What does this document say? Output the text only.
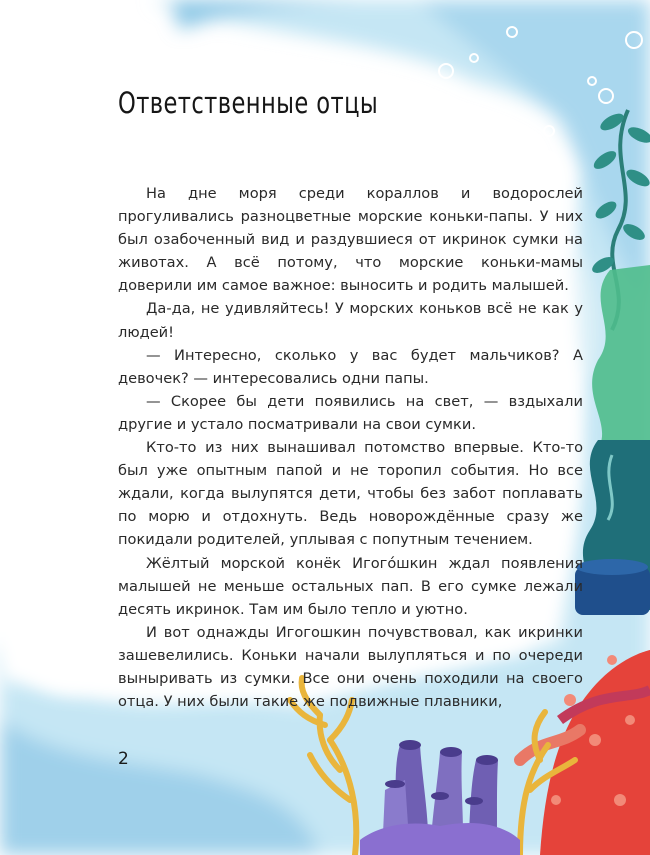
Ответственные отцы

На дне моря среди кораллов и водорослей прогуливались разноцветные морские коньки-папы. У них был озабоченный вид и раздувшиеся от икринок сумки на животах. А всё потому, что морские коньки-мамы доверили им самое важное: выносить и родить малышей.

Да-да, не удивляйтесь! У морских коньков всё не как у людей!

— Интересно, сколько у вас будет мальчиков? А девочек? — интересовались одни папы.

— Скорее бы дети появились на свет, — вздыхали другие и устало посматривали на свои сумки.

Кто-то из них вынашивал потомство впервые. Кто-то был уже опытным папой и не торопил события. Но все ждали, когда вылупятся дети, чтобы без забот поплавать по морю и отдохнуть. Ведь новорождённые сразу же покидали родителей, уплывая с попутным течением.

Жёлтый морской конёк Игого́шкин ждал появления малышей не меньше остальных пап. В его сумке лежали десять икринок. Там им было тепло и уютно.

И вот однажды Игогошкин почувствовал, как икринки зашевелились. Коньки начали вылупляться и по очереди выныривать из сумки. Все они очень походили на своего отца. У них были такие же подвижные плавники,

2
